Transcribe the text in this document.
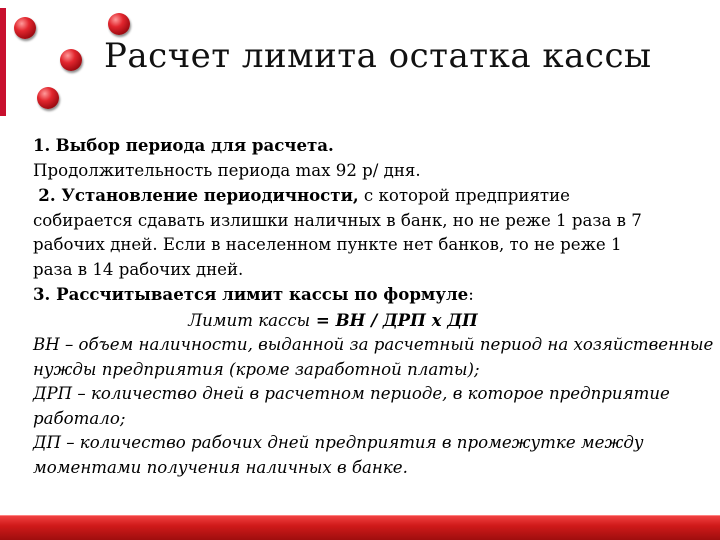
Расчет лимита остатка кассы
1. Выбор периода для расчета.
Продолжительность периода max 92 р/ дня.
2. Установление периодичности, с которой предприятие
собирается сдавать излишки наличных в банк, но не реже 1 раза в 7
рабочих дней. Если в населенном пункте нет банков, то не реже 1
раза в 14 рабочих дней.
3. Рассчитывается лимит кассы по формуле:
Лимит кассы = ВН / ДРП х ДП
ВН – объем наличности, выданной за расчетный период на хозяйственные
нужды предприятия (кроме заработной платы);
ДРП – количество дней в расчетном периоде, в которое предприятие
работало;
ДП – количество рабочих дней предприятия в промежутке между
моментами получения наличных в банке.
